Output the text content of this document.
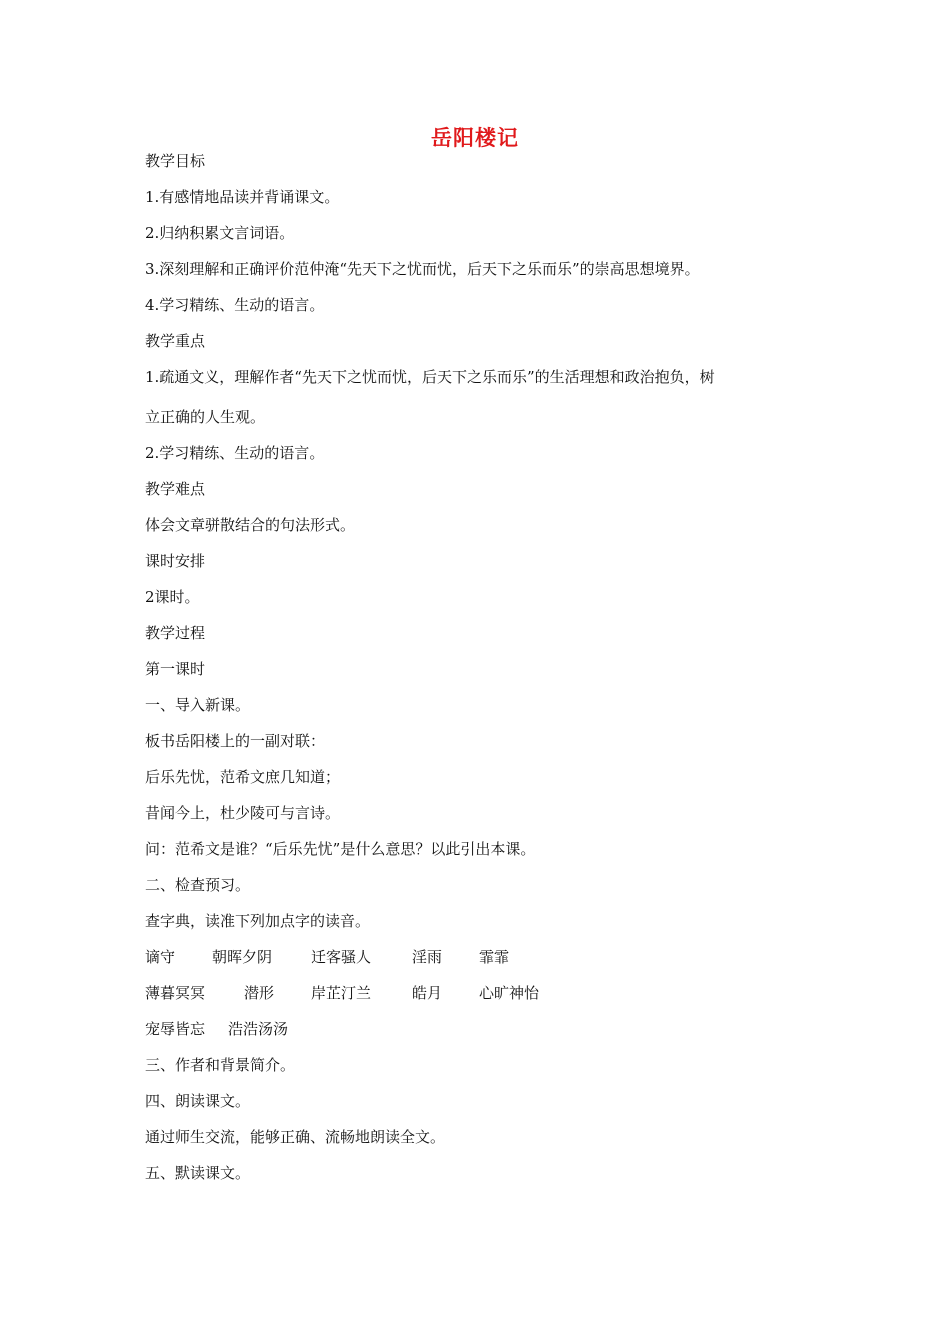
岳阳楼记
教学目标
1.有感情地品读并背诵课文。
2.归纳积累文言词语。
3.深刻理解和正确评价范仲淹“先天下之忧而忧，后天下之乐而乐”的崇高思想境界。
4.学习精练、生动的语言。
教学重点
1.疏通文义，理解作者“先天下之忧而忧，后天下之乐而乐”的生活理想和政治抱负，树
立正确的人生观。
2.学习精练、生动的语言。
教学难点
体会文章骈散结合的句法形式。
课时安排
2课时。
教学过程
第一课时
一、导入新课。
板书岳阳楼上的一副对联：
后乐先忧，范希文庶几知道；
昔闻今上，杜少陵可与言诗。
问：范希文是谁？“后乐先忧”是什么意思？以此引出本课。
二、检查预习。
查字典，读准下列加点字的读音。
谪守 朝晖夕阴	迁客骚人	淫雨 霏霏
薄暮冥冥	潜形 岸芷汀兰	皓月 心旷神怡
宠辱皆忘 浩浩汤汤
三、作者和背景简介。
四、朗读课文。
通过师生交流，能够正确、流畅地朗读全文。
五、默读课文。
